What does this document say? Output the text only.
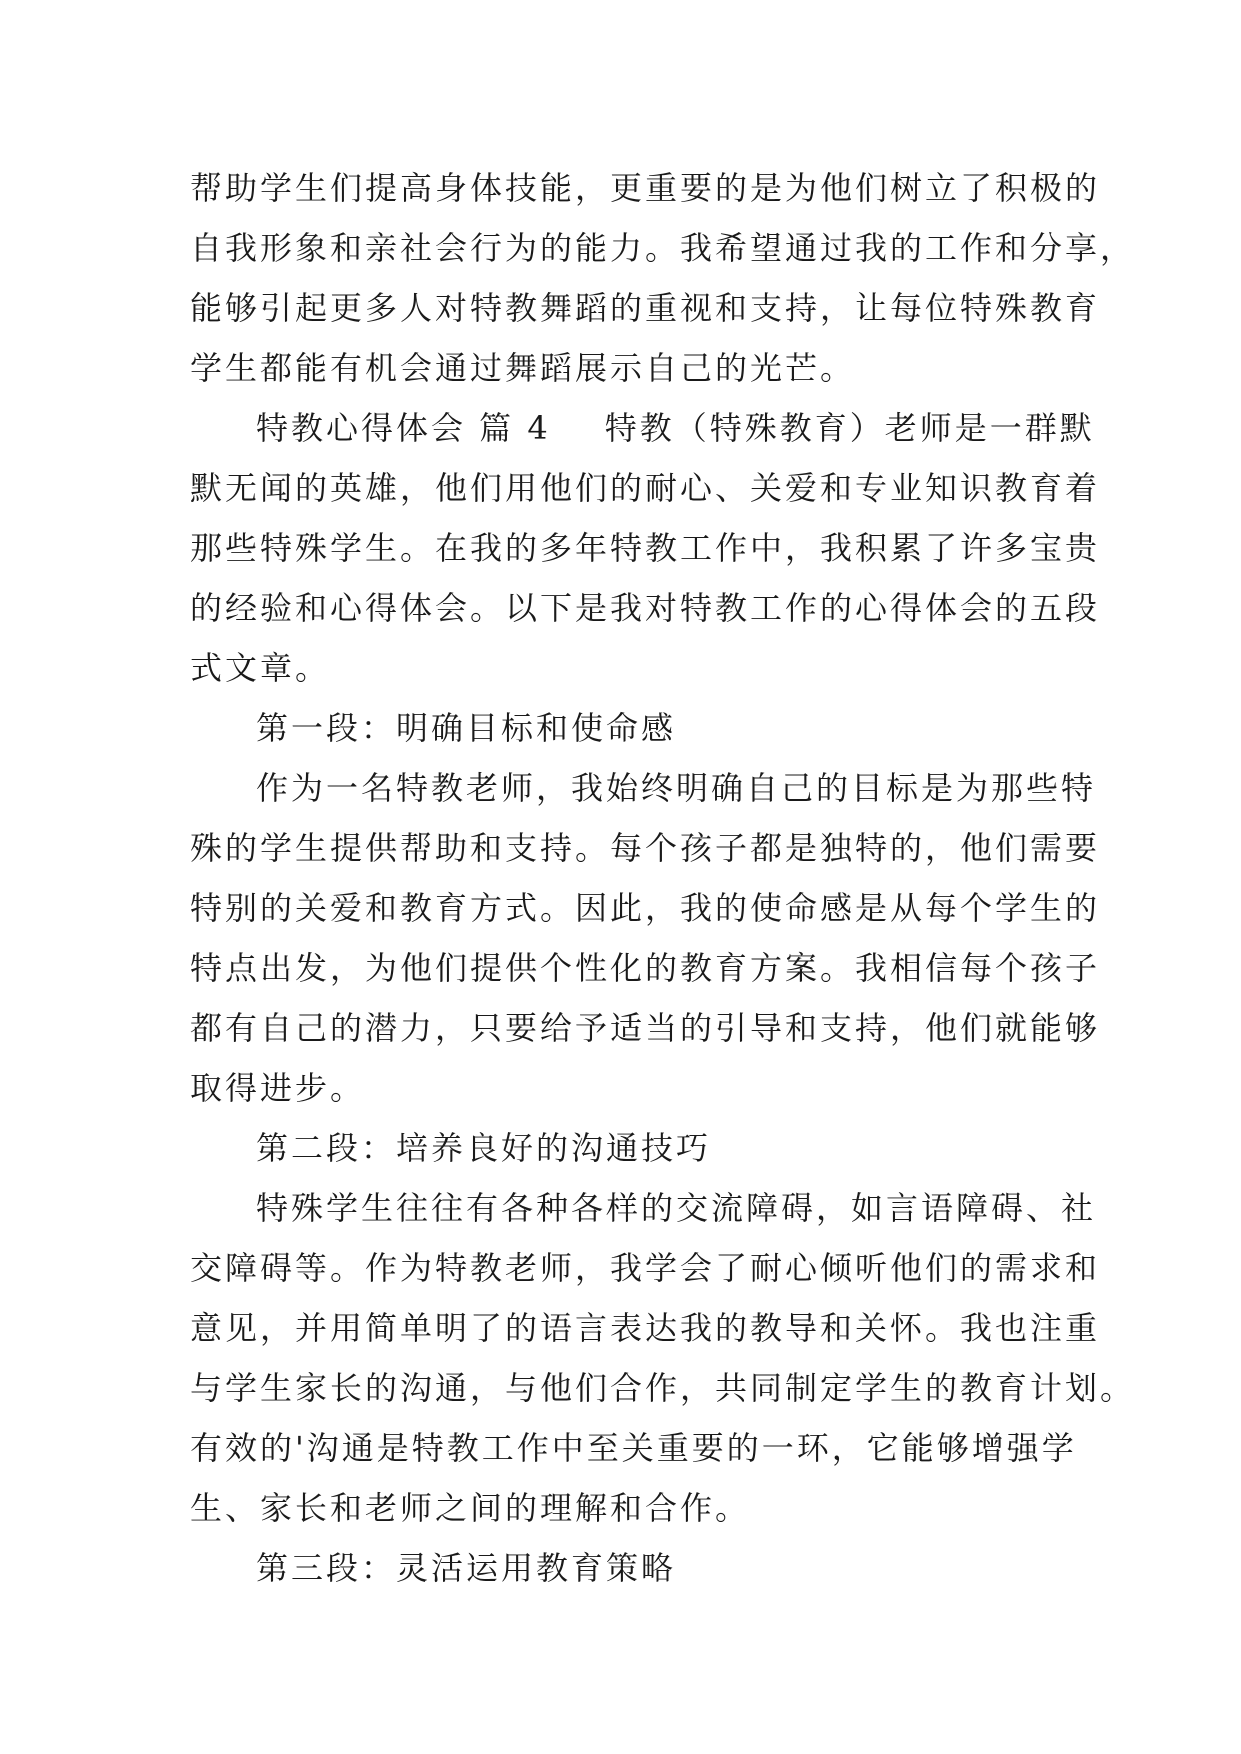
帮助学生们提高身体技能，更重要的是为他们树立了积极的
自我形象和亲社会行为的能力。我希望通过我的工作和分享，
能够引起更多人对特教舞蹈的重视和支持，让每位特殊教育
学生都能有机会通过舞蹈展示自己的光芒。
特教心得体会 篇 4 特教（特殊教育）老师是一群默
默无闻的英雄，他们用他们的耐心、关爱和专业知识教育着
那些特殊学生。在我的多年特教工作中，我积累了许多宝贵
的经验和心得体会。以下是我对特教工作的心得体会的五段
式文章。
第一段：明确目标和使命感
作为一名特教老师，我始终明确自己的目标是为那些特
殊的学生提供帮助和支持。每个孩子都是独特的，他们需要
特别的关爱和教育方式。因此，我的使命感是从每个学生的
特点出发，为他们提供个性化的教育方案。我相信每个孩子
都有自己的潜力，只要给予适当的引导和支持，他们就能够
取得进步。
第二段：培养良好的沟通技巧
特殊学生往往有各种各样的交流障碍，如言语障碍、社
交障碍等。作为特教老师，我学会了耐心倾听他们的需求和
意见，并用简单明了的语言表达我的教导和关怀。我也注重
与学生家长的沟通，与他们合作，共同制定学生的教育计划。
有效的'沟通是特教工作中至关重要的一环，它能够增强学
生、家长和老师之间的理解和合作。
第三段：灵活运用教育策略
